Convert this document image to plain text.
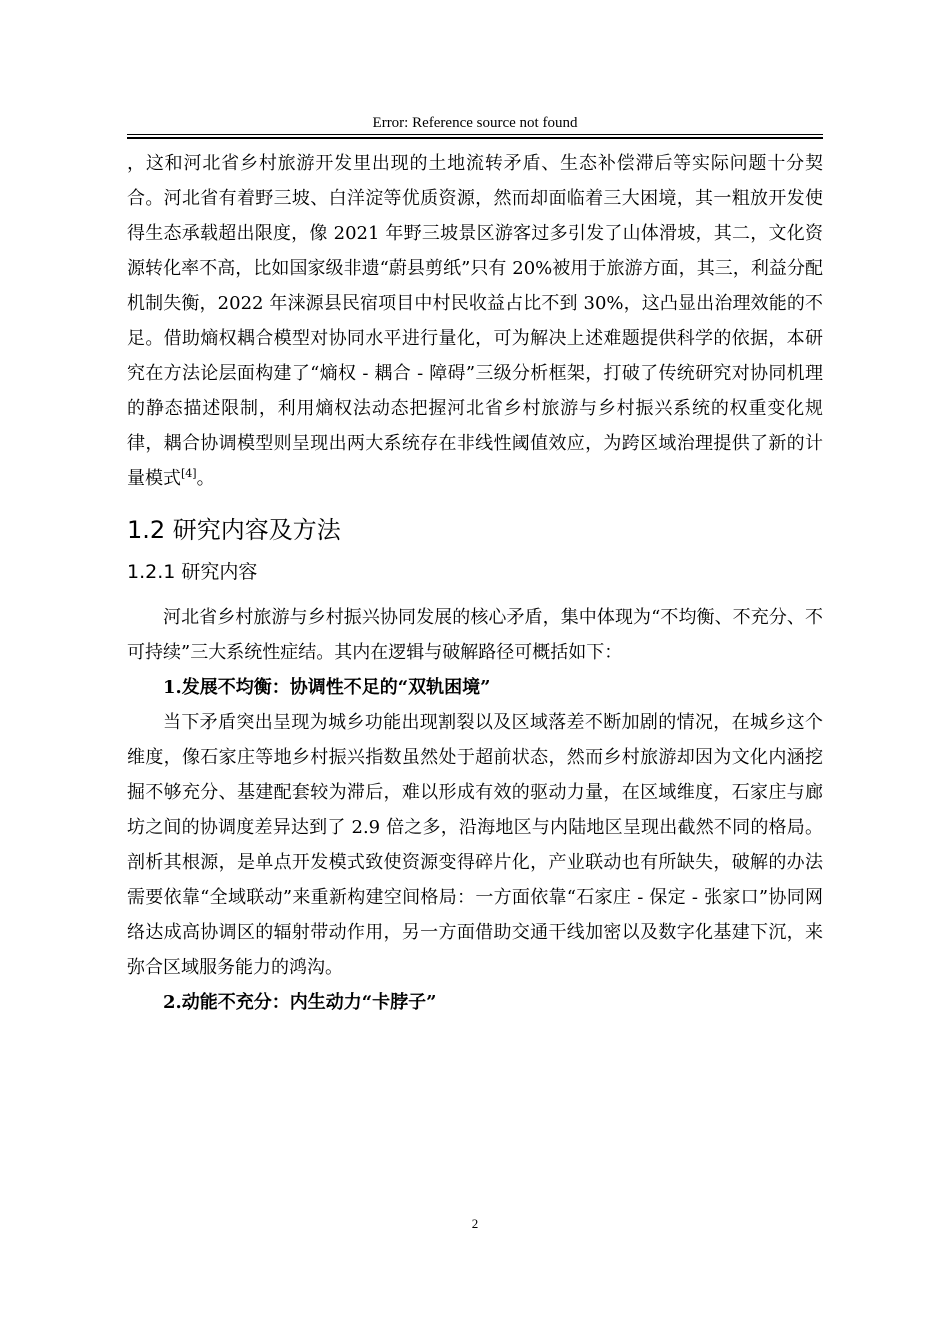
Error: Reference source not found

，这和河北省乡村旅游开发里出现的土地流转矛盾、生态补偿滞后等实际问题十分契合。河北省有着野三坡、白洋淀等优质资源，然而却面临着三大困境，其一粗放开发使得生态承载超出限度，像 2021 年野三坡景区游客过多引发了山体滑坡，其二，文化资源转化率不高，比如国家级非遗“蔚县剪纸”只有 20%被用于旅游方面，其三，利益分配机制失衡，2022 年涞源县民宿项目中村民收益占比不到 30%，这凸显出治理效能的不足。借助熵权耦合模型对协同水平进行量化，可为解决上述难题提供科学的依据，本研究在方法论层面构建了“熵权 - 耦合 - 障碍”三级分析框架，打破了传统研究对协同机理的静态描述限制，利用熵权法动态把握河北省乡村旅游与乡村振兴系统的权重变化规律，耦合协调模型则呈现出两大系统存在非线性阈值效应，为跨区域治理提供了新的计量模式[4]。

1.2 研究内容及方法
1.2.1 研究内容

河北省乡村旅游与乡村振兴协同发展的核心矛盾，集中体现为“不均衡、不充分、不可持续”三大系统性症结。其内在逻辑与破解路径可概括如下：

1.发展不均衡：协调性不足的“双轨困境”

当下矛盾突出呈现为城乡功能出现割裂以及区域落差不断加剧的情况，在城乡这个维度，像石家庄等地乡村振兴指数虽然处于超前状态，然而乡村旅游却因为文化内涵挖掘不够充分、基建配套较为滞后，难以形成有效的驱动力量，在区域维度，石家庄与廊坊之间的协调度差异达到了 2.9 倍之多，沿海地区与内陆地区呈现出截然不同的格局。剖析其根源，是单点开发模式致使资源变得碎片化，产业联动也有所缺失，破解的办法需要依靠“全域联动”来重新构建空间格局：一方面依靠“石家庄 - 保定 - 张家口”协同网络达成高协调区的辐射带动作用，另一方面借助交通干线加密以及数字化基建下沉，来弥合区域服务能力的鸿沟。

2.动能不充分：内生动力“卡脖子”

2
